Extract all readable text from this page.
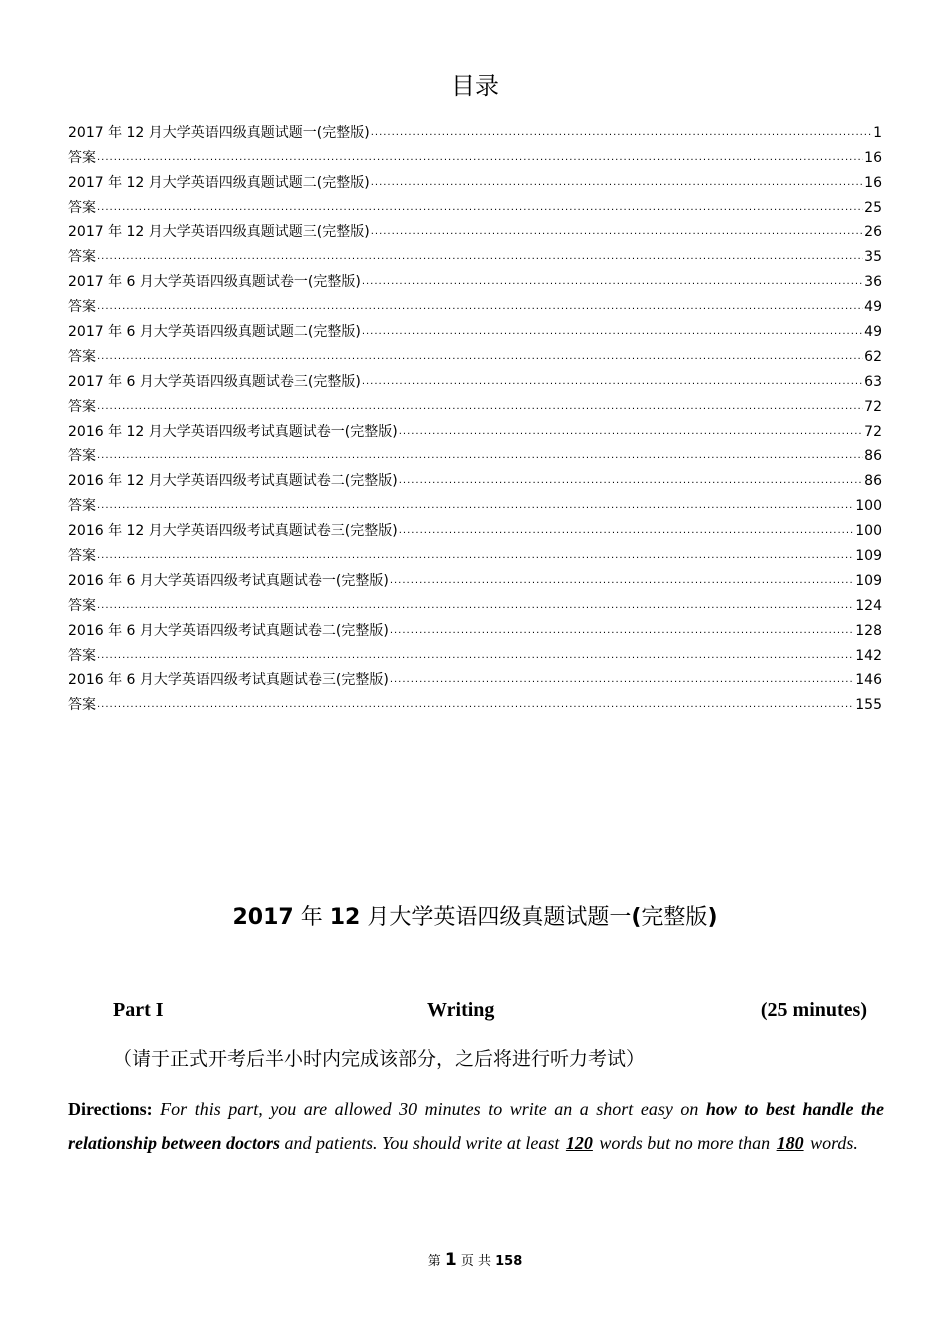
目录
2017 年 12 月大学英语四级真题试题一(完整版) .....	1
答案 .....	16
2017 年 12 月大学英语四级真题试题二(完整版) .....	16
答案 .....	25
2017 年 12 月大学英语四级真题试题三(完整版) .....	26
答案 .....	35
2017 年 6 月大学英语四级真题试卷一(完整版) .....	36
答案 .....	49
2017 年 6 月大学英语四级真题试题二(完整版) .....	49
答案 .....	62
2017 年 6 月大学英语四级真题试卷三(完整版) .....	63
答案 .....	72
2016 年 12 月大学英语四级考试真题试卷一(完整版) .....	72
答案 .....	86
2016 年 12 月大学英语四级考试真题试卷二(完整版) .....	86
答案 .....	100
2016 年 12 月大学英语四级考试真题试卷三(完整版) .....	100
答案 .....	109
2016 年 6 月大学英语四级考试真题试卷一(完整版) .....	109
答案 .....	124
2016 年 6 月大学英语四级考试真题试卷二(完整版) .....	128
答案 .....	142
2016 年 6 月大学英语四级考试真题试卷三(完整版) .....	146
答案 .....	155
2017 年 12 月大学英语四级真题试题一(完整版)
Part I	Writing	(25 minutes)
（请于正式开考后半小时内完成该部分，之后将进行听力考试）
Directions: For this part, you are allowed 30 minutes to write an a short easy on how to best handle the relationship between doctors and patients. You should write at least 120 words but no more than 180 words.
第 1 页 共 158
